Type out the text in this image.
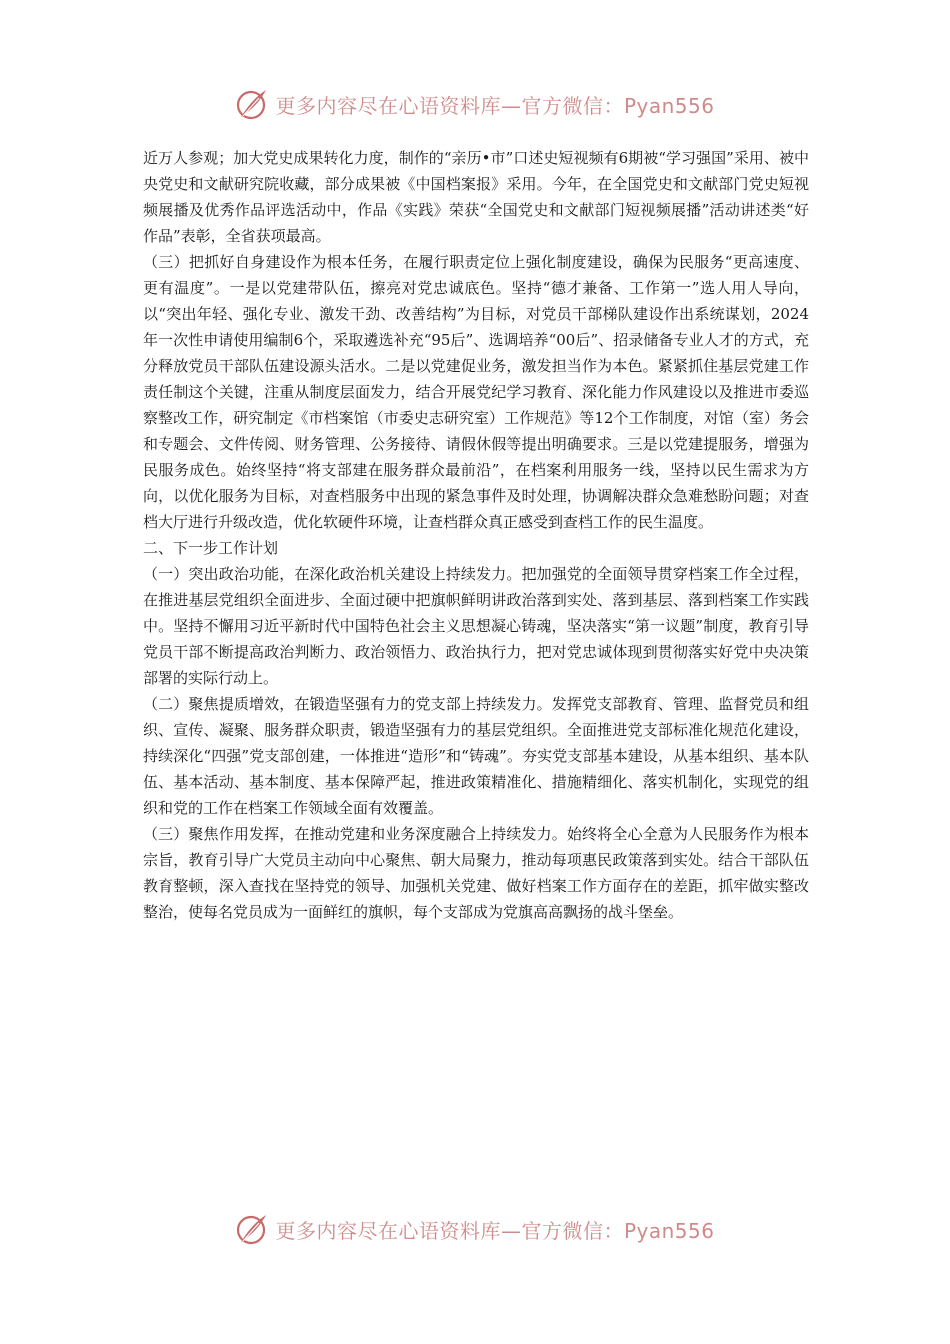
更多内容尽在心语资料库—官方微信：Pyan556

近万人参观；加大党史成果转化力度，制作的“亲历•市”口述史短视频有6期被“学习强国”采用、被中央党史和文献研究院收藏，部分成果被《中国档案报》采用。今年，在全国党史和文献部门党史短视频展播及优秀作品评选活动中，作品《实践》荣获“全国党史和文献部门短视频展播”活动讲述类“好作品”表彰，全省获项最高。

（三）把抓好自身建设作为根本任务，在履行职责定位上强化制度建设，确保为民服务“更高速度、更有温度”。一是以党建带队伍，擦亮对党忠诚底色。坚持“德才兼备、工作第一”选人用人导向，以“突出年轻、强化专业、激发干劲、改善结构”为目标，对党员干部梯队建设作出系统谋划，2024年一次性申请使用编制6个，采取遴选补充“95后”、选调培养“00后”、招录储备专业人才的方式，充分释放党员干部队伍建设源头活水。二是以党建促业务，激发担当作为本色。紧紧抓住基层党建工作责任制这个关键，注重从制度层面发力，结合开展党纪学习教育、深化能力作风建设以及推进市委巡察整改工作，研究制定《市档案馆（市委史志研究室）工作规范》等12个工作制度，对馆（室）务会和专题会、文件传阅、财务管理、公务接待、请假休假等提出明确要求。三是以党建提服务，增强为民服务成色。始终坚持“将支部建在服务群众最前沿”，在档案利用服务一线，坚持以民生需求为方向，以优化服务为目标，对查档服务中出现的紧急事件及时处理，协调解决群众急难愁盼问题；对查档大厅进行升级改造，优化软硬件环境，让查档群众真正感受到查档工作的民生温度。

二、下一步工作计划

（一）突出政治功能，在深化政治机关建设上持续发力。把加强党的全面领导贯穿档案工作全过程，在推进基层党组织全面进步、全面过硬中把旗帜鲜明讲政治落到实处、落到基层、落到档案工作实践中。坚持不懈用习近平新时代中国特色社会主义思想凝心铸魂，坚决落实“第一议题”制度，教育引导党员干部不断提高政治判断力、政治领悟力、政治执行力，把对党忠诚体现到贯彻落实好党中央决策部署的实际行动上。

（二）聚焦提质增效，在锻造坚强有力的党支部上持续发力。发挥党支部教育、管理、监督党员和组织、宣传、凝聚、服务群众职责，锻造坚强有力的基层党组织。全面推进党支部标准化规范化建设，持续深化“四强”党支部创建，一体推进“造形”和“铸魂”。夯实党支部基本建设，从基本组织、基本队伍、基本活动、基本制度、基本保障严起，推进政策精准化、措施精细化、落实机制化，实现党的组织和党的工作在档案工作领域全面有效覆盖。

（三）聚焦作用发挥，在推动党建和业务深度融合上持续发力。始终将全心全意为人民服务作为根本宗旨，教育引导广大党员主动向中心聚焦、朝大局聚力，推动每项惠民政策落到实处。结合干部队伍教育整顿，深入查找在坚持党的领导、加强机关党建、做好档案工作方面存在的差距，抓牢做实整改整治，使每名党员成为一面鲜红的旗帜，每个支部成为党旗高高飘扬的战斗堡垒。

更多内容尽在心语资料库—官方微信：Pyan556
